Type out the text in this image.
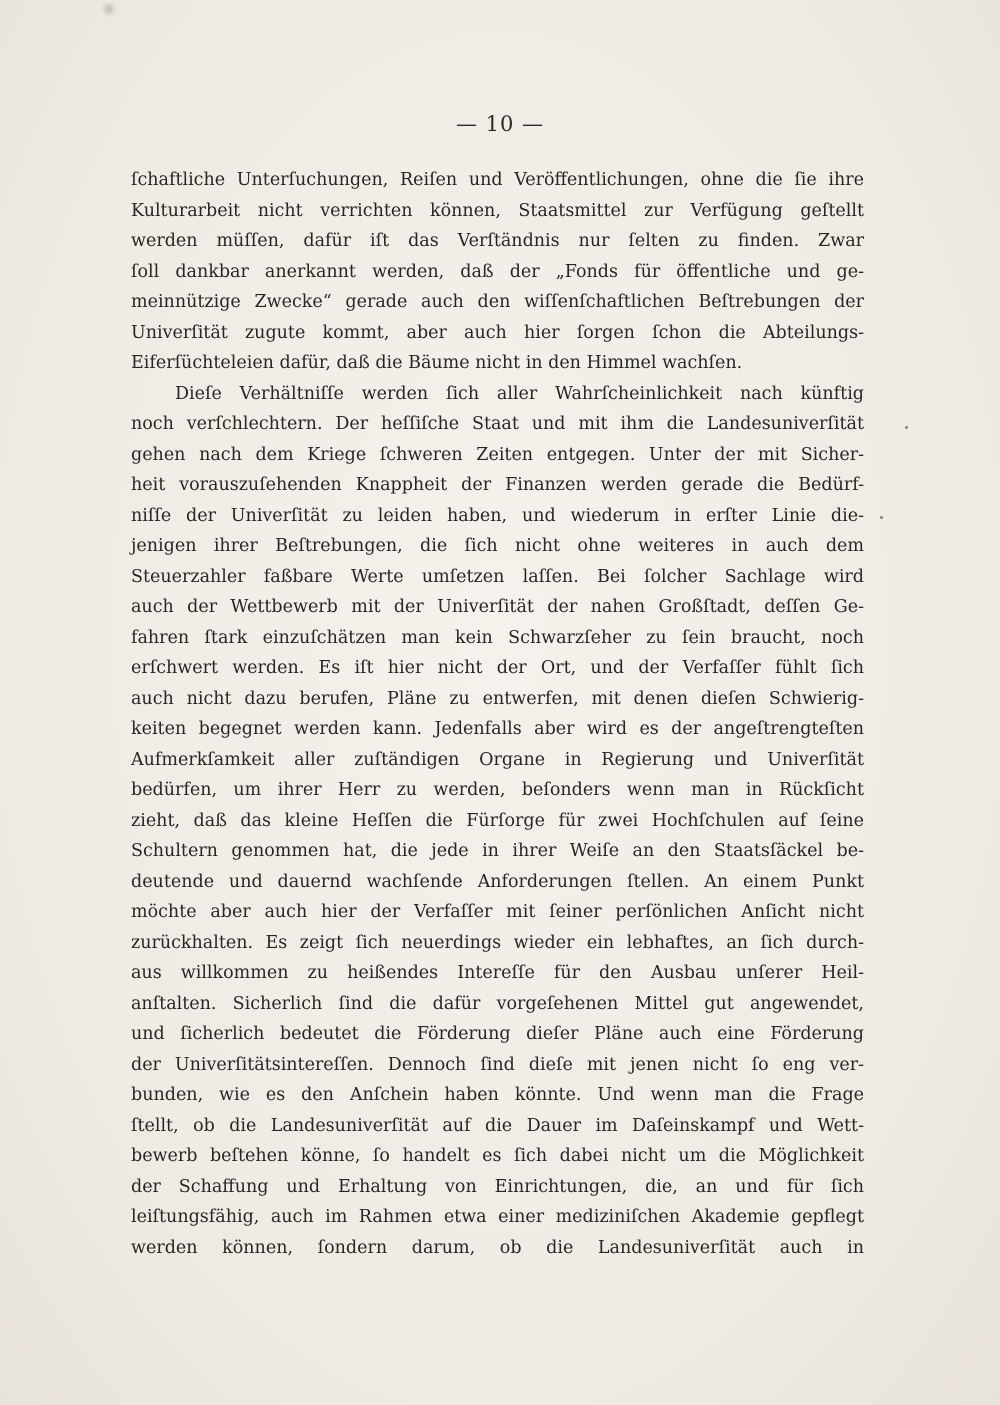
— 10 —
ſchaftliche Unterſuchungen, Reiſen und Veröffentlichungen, ohne die ſie ihre
Kulturarbeit nicht verrichten können, Staatsmittel zur Verfügung geſtellt
werden müſſen, dafür iſt das Verſtändnis nur ſelten zu finden. Zwar
ſoll dankbar anerkannt werden, daß der „Fonds für öffentliche und ge-
meinnützige Zwecke“ gerade auch den wiſſenſchaftlichen Beſtrebungen der
Univerſität zugute kommt, aber auch hier ſorgen ſchon die Abteilungs-
Eiferſüchteleien dafür, daß die Bäume nicht in den Himmel wachſen.
Dieſe Verhältniſſe werden ſich aller Wahrſcheinlichkeit nach künftig
noch verſchlechtern. Der heſſiſche Staat und mit ihm die Landesuniverſität
gehen nach dem Kriege ſchweren Zeiten entgegen. Unter der mit Sicher-
heit vorauszuſehenden Knappheit der Finanzen werden gerade die Bedürf-
niſſe der Univerſität zu leiden haben, und wiederum in erſter Linie die-
jenigen ihrer Beſtrebungen, die ſich nicht ohne weiteres in auch dem
Steuerzahler faßbare Werte umſetzen laſſen. Bei ſolcher Sachlage wird
auch der Wettbewerb mit der Univerſität der nahen Großſtadt, deſſen Ge-
fahren ſtark einzuſchätzen man kein Schwarzſeher zu ſein braucht, noch
erſchwert werden. Es iſt hier nicht der Ort, und der Verfaſſer fühlt ſich
auch nicht dazu berufen, Pläne zu entwerfen, mit denen dieſen Schwierig-
keiten begegnet werden kann. Jedenfalls aber wird es der angeſtrengteſten
Aufmerkſamkeit aller zuſtändigen Organe in Regierung und Univerſität
bedürfen, um ihrer Herr zu werden, beſonders wenn man in Rückſicht
zieht, daß das kleine Heſſen die Fürſorge für zwei Hochſchulen auf ſeine
Schultern genommen hat, die jede in ihrer Weiſe an den Staatsſäckel be-
deutende und dauernd wachſende Anforderungen ſtellen. An einem Punkt
möchte aber auch hier der Verfaſſer mit ſeiner perſönlichen Anſicht nicht
zurückhalten. Es zeigt ſich neuerdings wieder ein lebhaftes, an ſich durch-
aus willkommen zu heißendes Intereſſe für den Ausbau unſerer Heil-
anſtalten. Sicherlich ſind die dafür vorgeſehenen Mittel gut angewendet,
und ſicherlich bedeutet die Förderung dieſer Pläne auch eine Förderung
der Univerſitätsintereſſen. Dennoch ſind dieſe mit jenen nicht ſo eng ver-
bunden, wie es den Anſchein haben könnte. Und wenn man die Frage
ſtellt, ob die Landesuniverſität auf die Dauer im Daſeinskampf und Wett-
bewerb beſtehen könne, ſo handelt es ſich dabei nicht um die Möglichkeit
der Schaffung und Erhaltung von Einrichtungen, die, an und für ſich
leiſtungsfähig, auch im Rahmen etwa einer mediziniſchen Akademie gepflegt
werden können, ſondern darum, ob die Landesuniverſität auch in
